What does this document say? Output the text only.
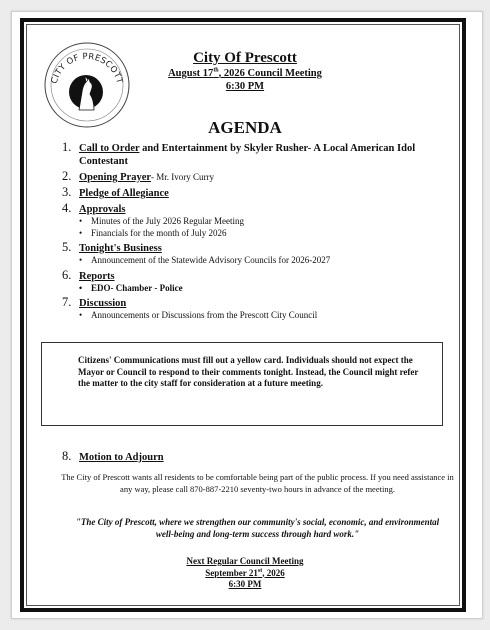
CITY OF PRESCOTT
City Of Prescott
August 17th, 2026 Council Meeting
6:30 PM
AGENDA
1. Call to Order and Entertainment by Skyler Rusher- A Local American Idol Contestant
2. Opening Prayer- Mr. Ivory Curry
3. Pledge of Allegiance
4. Approvals
• Minutes of the July 2026 Regular Meeting
• Financials for the month of July 2026
5. Tonight's Business
• Announcement of the Statewide Advisory Councils for 2026-2027
6. Reports
• EDO- Chamber - Police
7. Discussion
• Announcements or Discussions from the Prescott City Council
Citizens' Communications must fill out a yellow card. Individuals should not expect the Mayor or Council to respond to their comments tonight. Instead, the Council might refer the matter to the city staff for consideration at a future meeting.
8. Motion to Adjourn
The City of Prescott wants all residents to be comfortable being part of the public process. If you need assistance in any way, please call 870-887-2210 seventy-two hours in advance of the meeting.
"The City of Prescott, where we strengthen our community's social, economic, and environmental well-being and long-term success through hard work."
Next Regular Council Meeting
September 21st, 2026
6:30 PM
